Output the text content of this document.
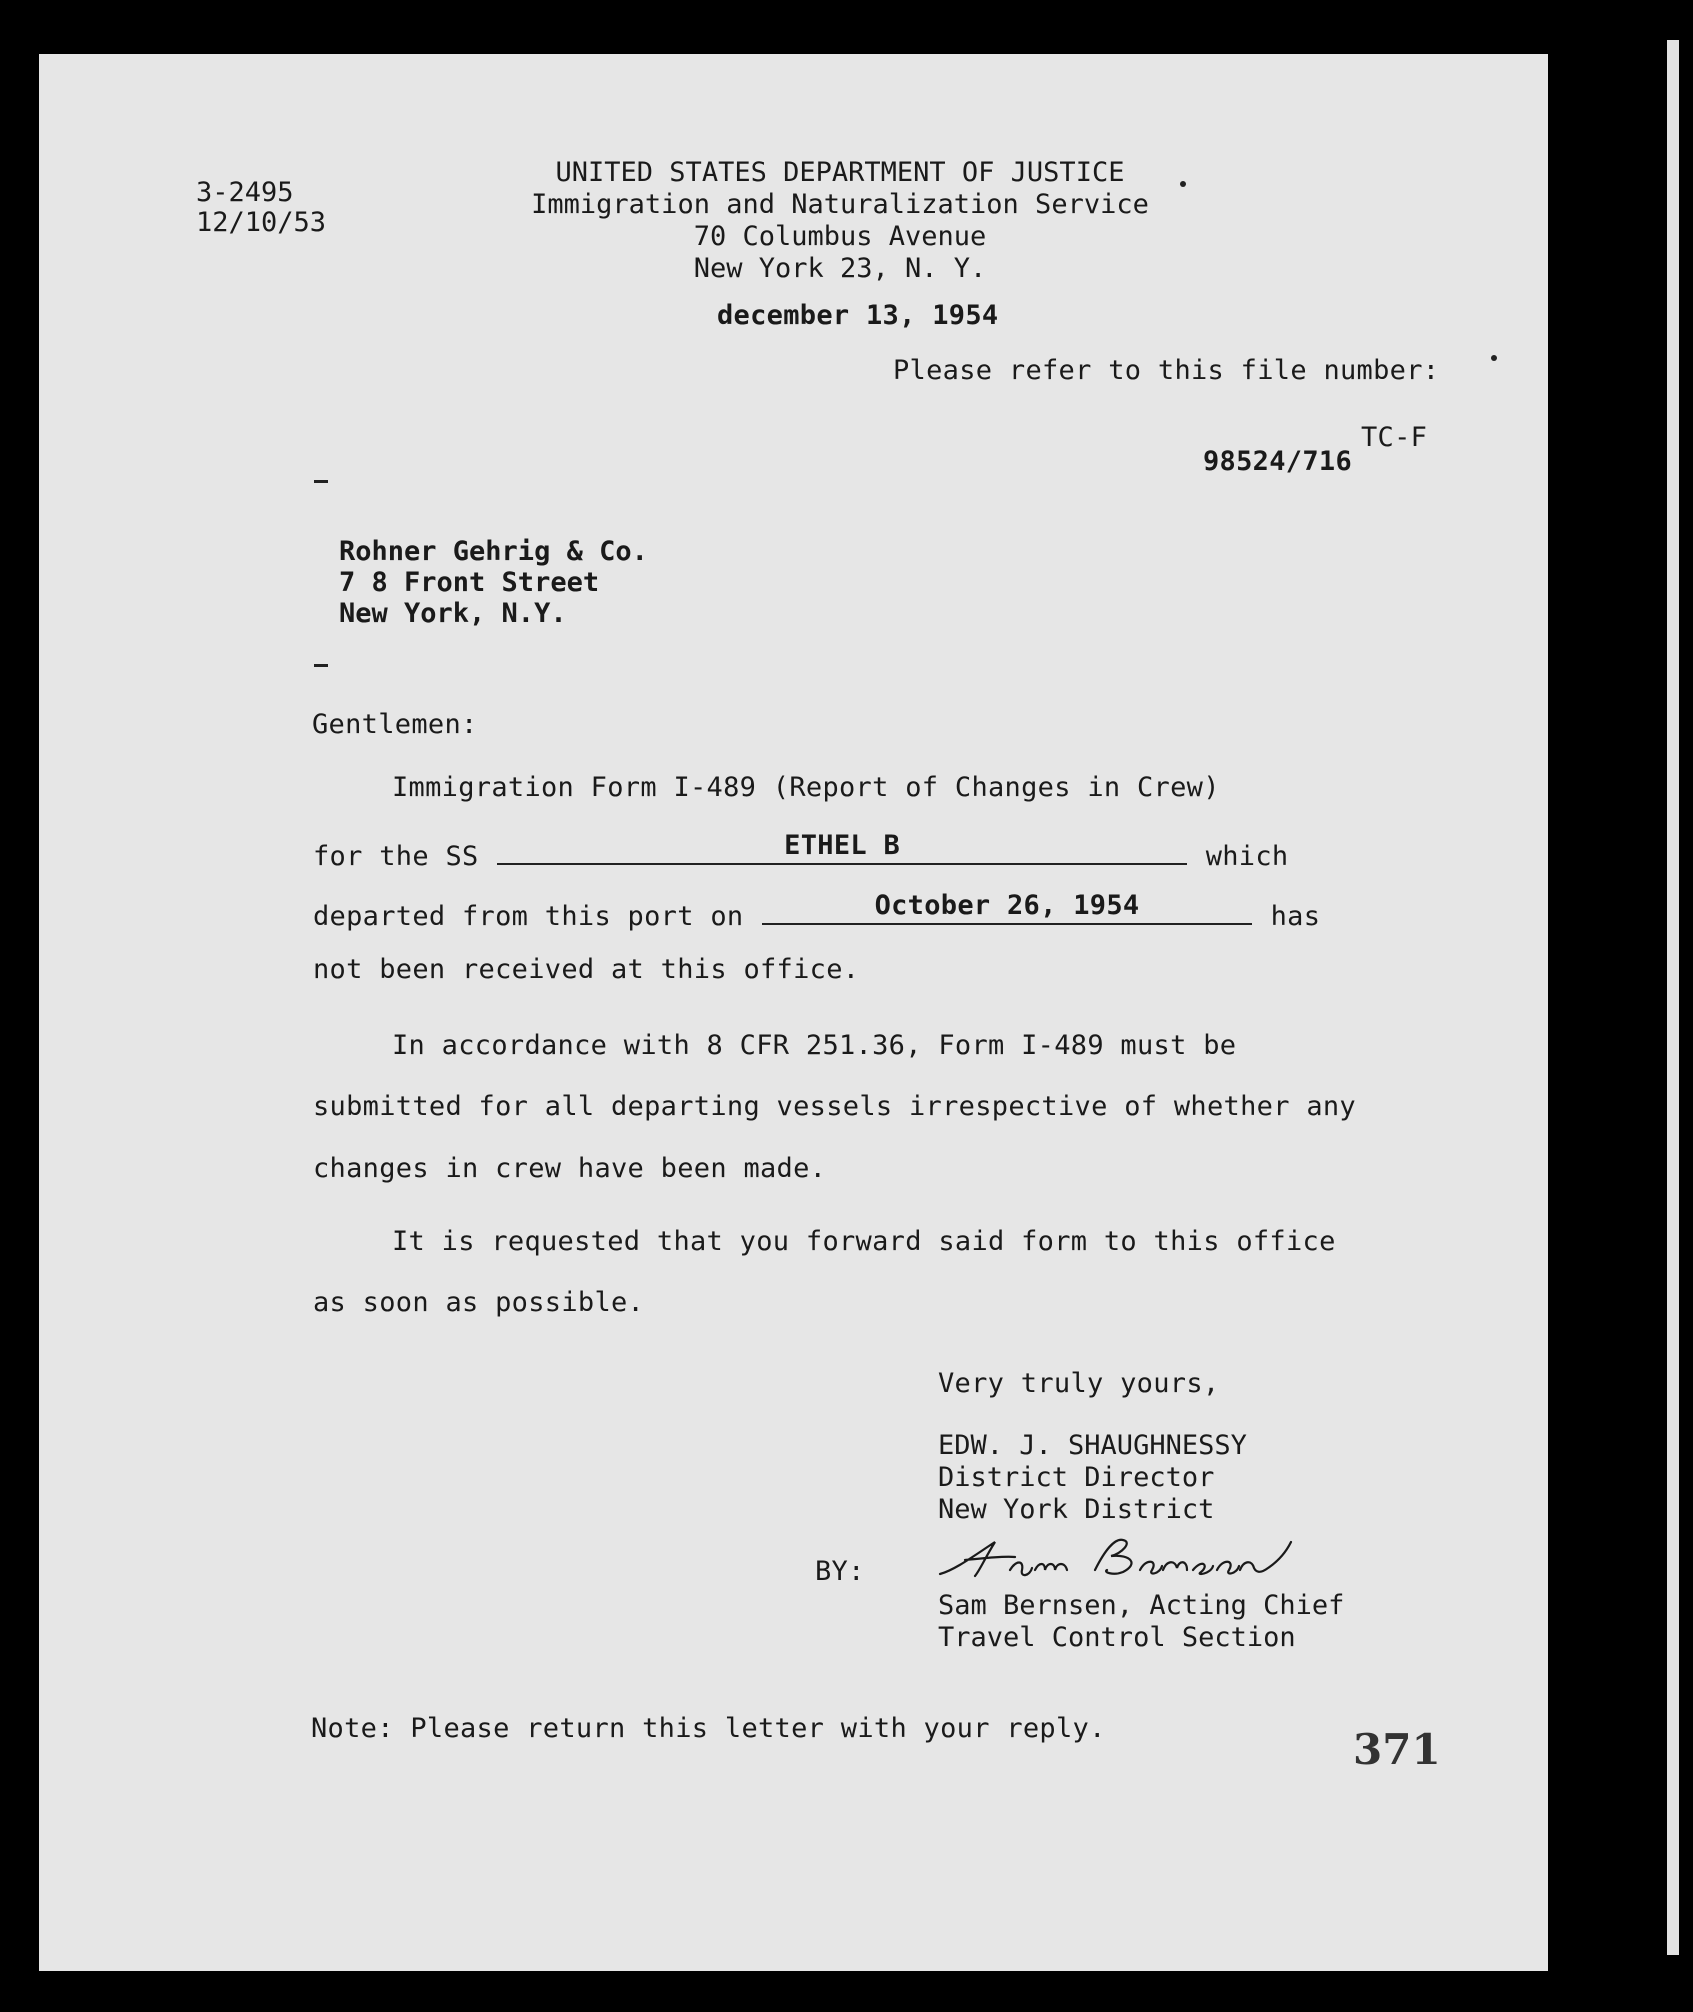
3-2495
12/10/53
UNITED STATES DEPARTMENT OF JUSTICE
Immigration and Naturalization Service
70 Columbus Avenue
New York 23, N. Y.
december 13, 1954
Please refer to this file number:
98524/716
TC-F
Rohner Gehrig & Co.
7 8 Front Street
New York, N.Y.
Gentlemen:
Immigration Form I-489 (Report of Changes in Crew)
for the SS	ETHEL B	which
departed from this port on	October 26, 1954	has
not been received at this office.
In accordance with 8 CFR 251.36, Form I-489 must be
submitted for all departing vessels irrespective of whether any
changes in crew have been made.
It is requested that you forward said form to this office
as soon as possible.
Very truly yours,
EDW. J. SHAUGHNESSY
District Director
New York District
BY:
Sam Bernsen, Acting Chief
Travel Control Section
Note: Please return this letter with your reply.	371
